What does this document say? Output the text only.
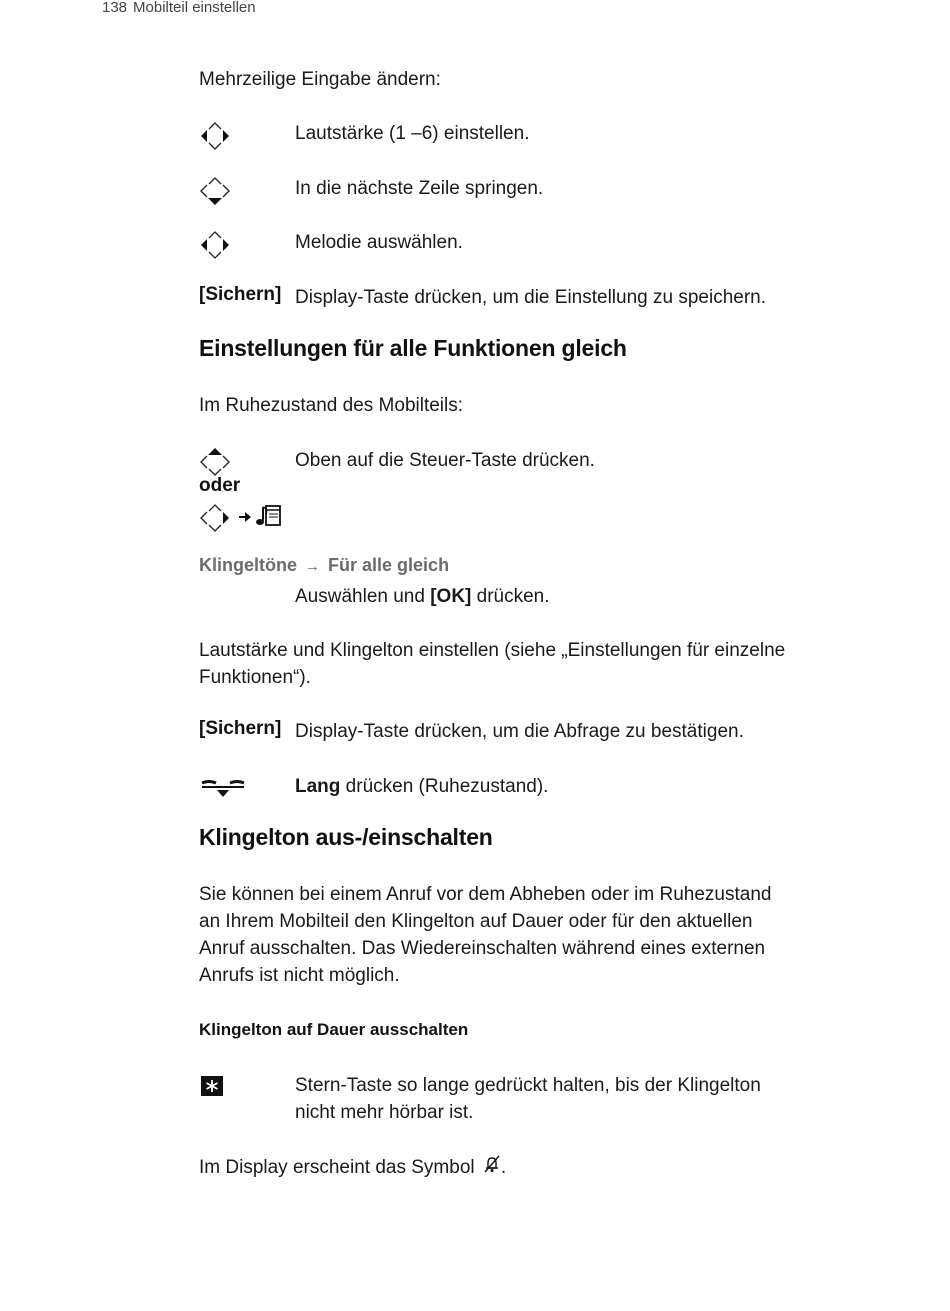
138 Mobilteil einstellen
Mehrzeilige Eingabe ändern:
Lautstärke (1 –6) einstellen.
In die nächste Zeile springen.
Melodie auswählen.
[Sichern] Display-Taste drücken, um die Einstellung zu speichern.
Einstellungen für alle Funktionen gleich
Im Ruhezustand des Mobilteils:
Oben auf die Steuer-Taste drücken.
oder
Klingeltöne → Für alle gleich
Auswählen und [OK] drücken.
Lautstärke und Klingelton einstellen (siehe „Einstellungen für einzelne
Funktionen“).
[Sichern] Display-Taste drücken, um die Abfrage zu bestätigen.
Lang drücken (Ruhezustand).
Klingelton aus-/einschalten
Sie können bei einem Anruf vor dem Abheben oder im Ruhezustand
an Ihrem Mobilteil den Klingelton auf Dauer oder für den aktuellen
Anruf ausschalten. Das Wiedereinschalten während eines externen
Anrufs ist nicht möglich.
Klingelton auf Dauer ausschalten
Stern-Taste so lange gedrückt halten, bis der Klingelton
nicht mehr hörbar ist.
Im Display erscheint das Symbol .
